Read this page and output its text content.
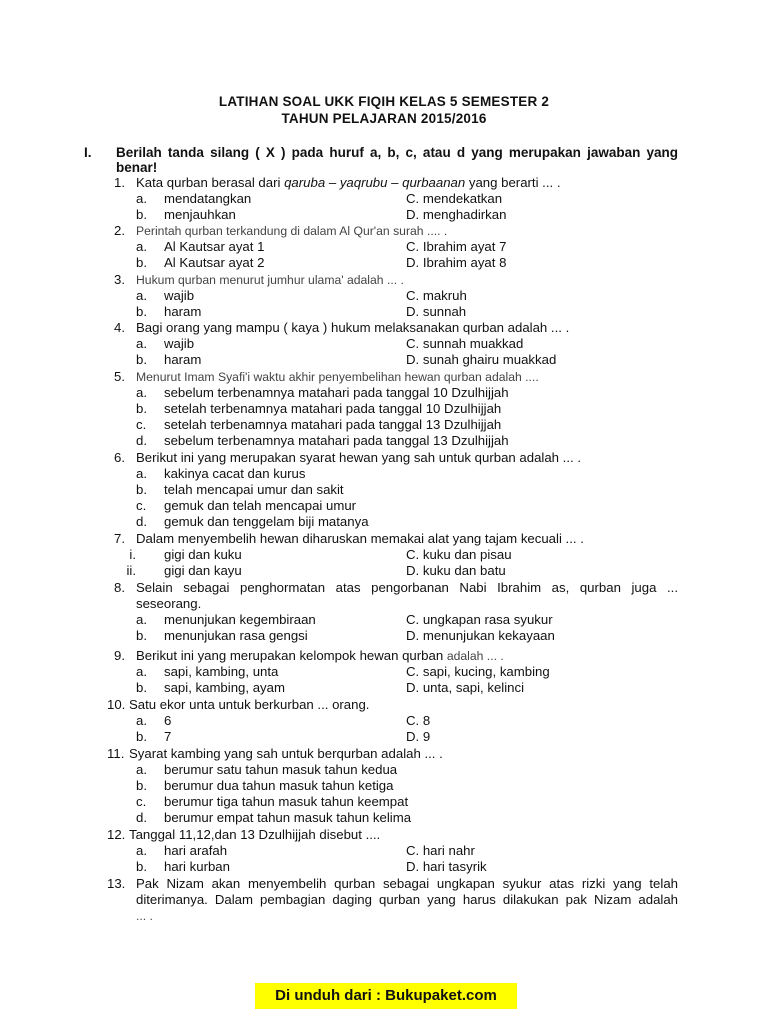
LATIHAN SOAL UKK FIQIH KELAS 5 SEMESTER 2
TAHUN PELAJARAN 2015/2016
I. Berilah tanda silang ( X ) pada huruf a, b, c, atau d yang merupakan jawaban yang
benar!
1. Kata qurban berasal dari qaruba – yaqrubu – qurbaanan yang berarti ... .
a. mendatangkan	C. mendekatkan
b. menjauhkan	D. menghadirkan
2. Perintah qurban terkandung di dalam Al Qur'an surah .... .
a. Al Kautsar ayat 1	C. Ibrahim ayat 7
b. Al Kautsar ayat 2	D. Ibrahim ayat 8
3. Hukum qurban menurut jumhur ulama' adalah ... .
a. wajib	C. makruh
b. haram	D. sunnah
4. Bagi orang yang mampu ( kaya ) hukum melaksanakan qurban adalah ... .
a. wajib	C. sunnah muakkad
b. haram	D. sunah ghairu muakkad
5. Menurut Imam Syafi'i waktu akhir penyembelihan hewan qurban adalah ....
a. sebelum terbenamnya matahari pada tanggal 10 Dzulhijjah
b. setelah terbenamnya matahari pada tanggal 10 Dzulhijjah
c. setelah terbenamnya matahari pada tanggal 13 Dzulhijjah
d. sebelum terbenamnya matahari pada tanggal 13 Dzulhijjah
6. Berikut ini yang merupakan syarat hewan yang sah untuk qurban adalah ... .
a. kakinya cacat dan kurus
b. telah mencapai umur dan sakit
c. gemuk dan telah mencapai umur
d. gemuk dan tenggelam biji matanya
7. Dalam menyembelih hewan diharuskan memakai alat yang tajam kecuali ... .
i. gigi dan kuku	C. kuku dan pisau
ii. gigi dan kayu	D. kuku dan batu
8. Selain sebagai penghormatan atas pengorbanan Nabi Ibrahim as, qurban juga ...
seseorang.
a. menunjukan kegembiraan	C. ungkapan rasa syukur
b. menunjukan rasa gengsi	D. menunjukan kekayaan
9. Berikut ini yang merupakan kelompok hewan qurban adalah ... .
a. sapi, kambing, unta	C. sapi, kucing, kambing
b. sapi, kambing, ayam	D. unta, sapi, kelinci
10. Satu ekor unta untuk berkurban ... orang.
a. 6	C. 8
b. 7	D. 9
11. Syarat kambing yang sah untuk berqurban adalah ... .
a. berumur satu tahun masuk tahun kedua
b. berumur dua tahun masuk tahun ketiga
c. berumur tiga tahun masuk tahun keempat
d. berumur empat tahun masuk tahun kelima
12. Tanggal 11,12,dan 13 Dzulhijjah disebut ....
a. hari arafah	C. hari nahr
b. hari kurban	D. hari tasyrik
13. Pak Nizam akan menyembelih qurban sebagai ungkapan syukur atas rizki yang telah
diterimanya. Dalam pembagian daging qurban yang harus dilakukan pak Nizam adalah
... .
Di unduh dari : Bukupaket.com
